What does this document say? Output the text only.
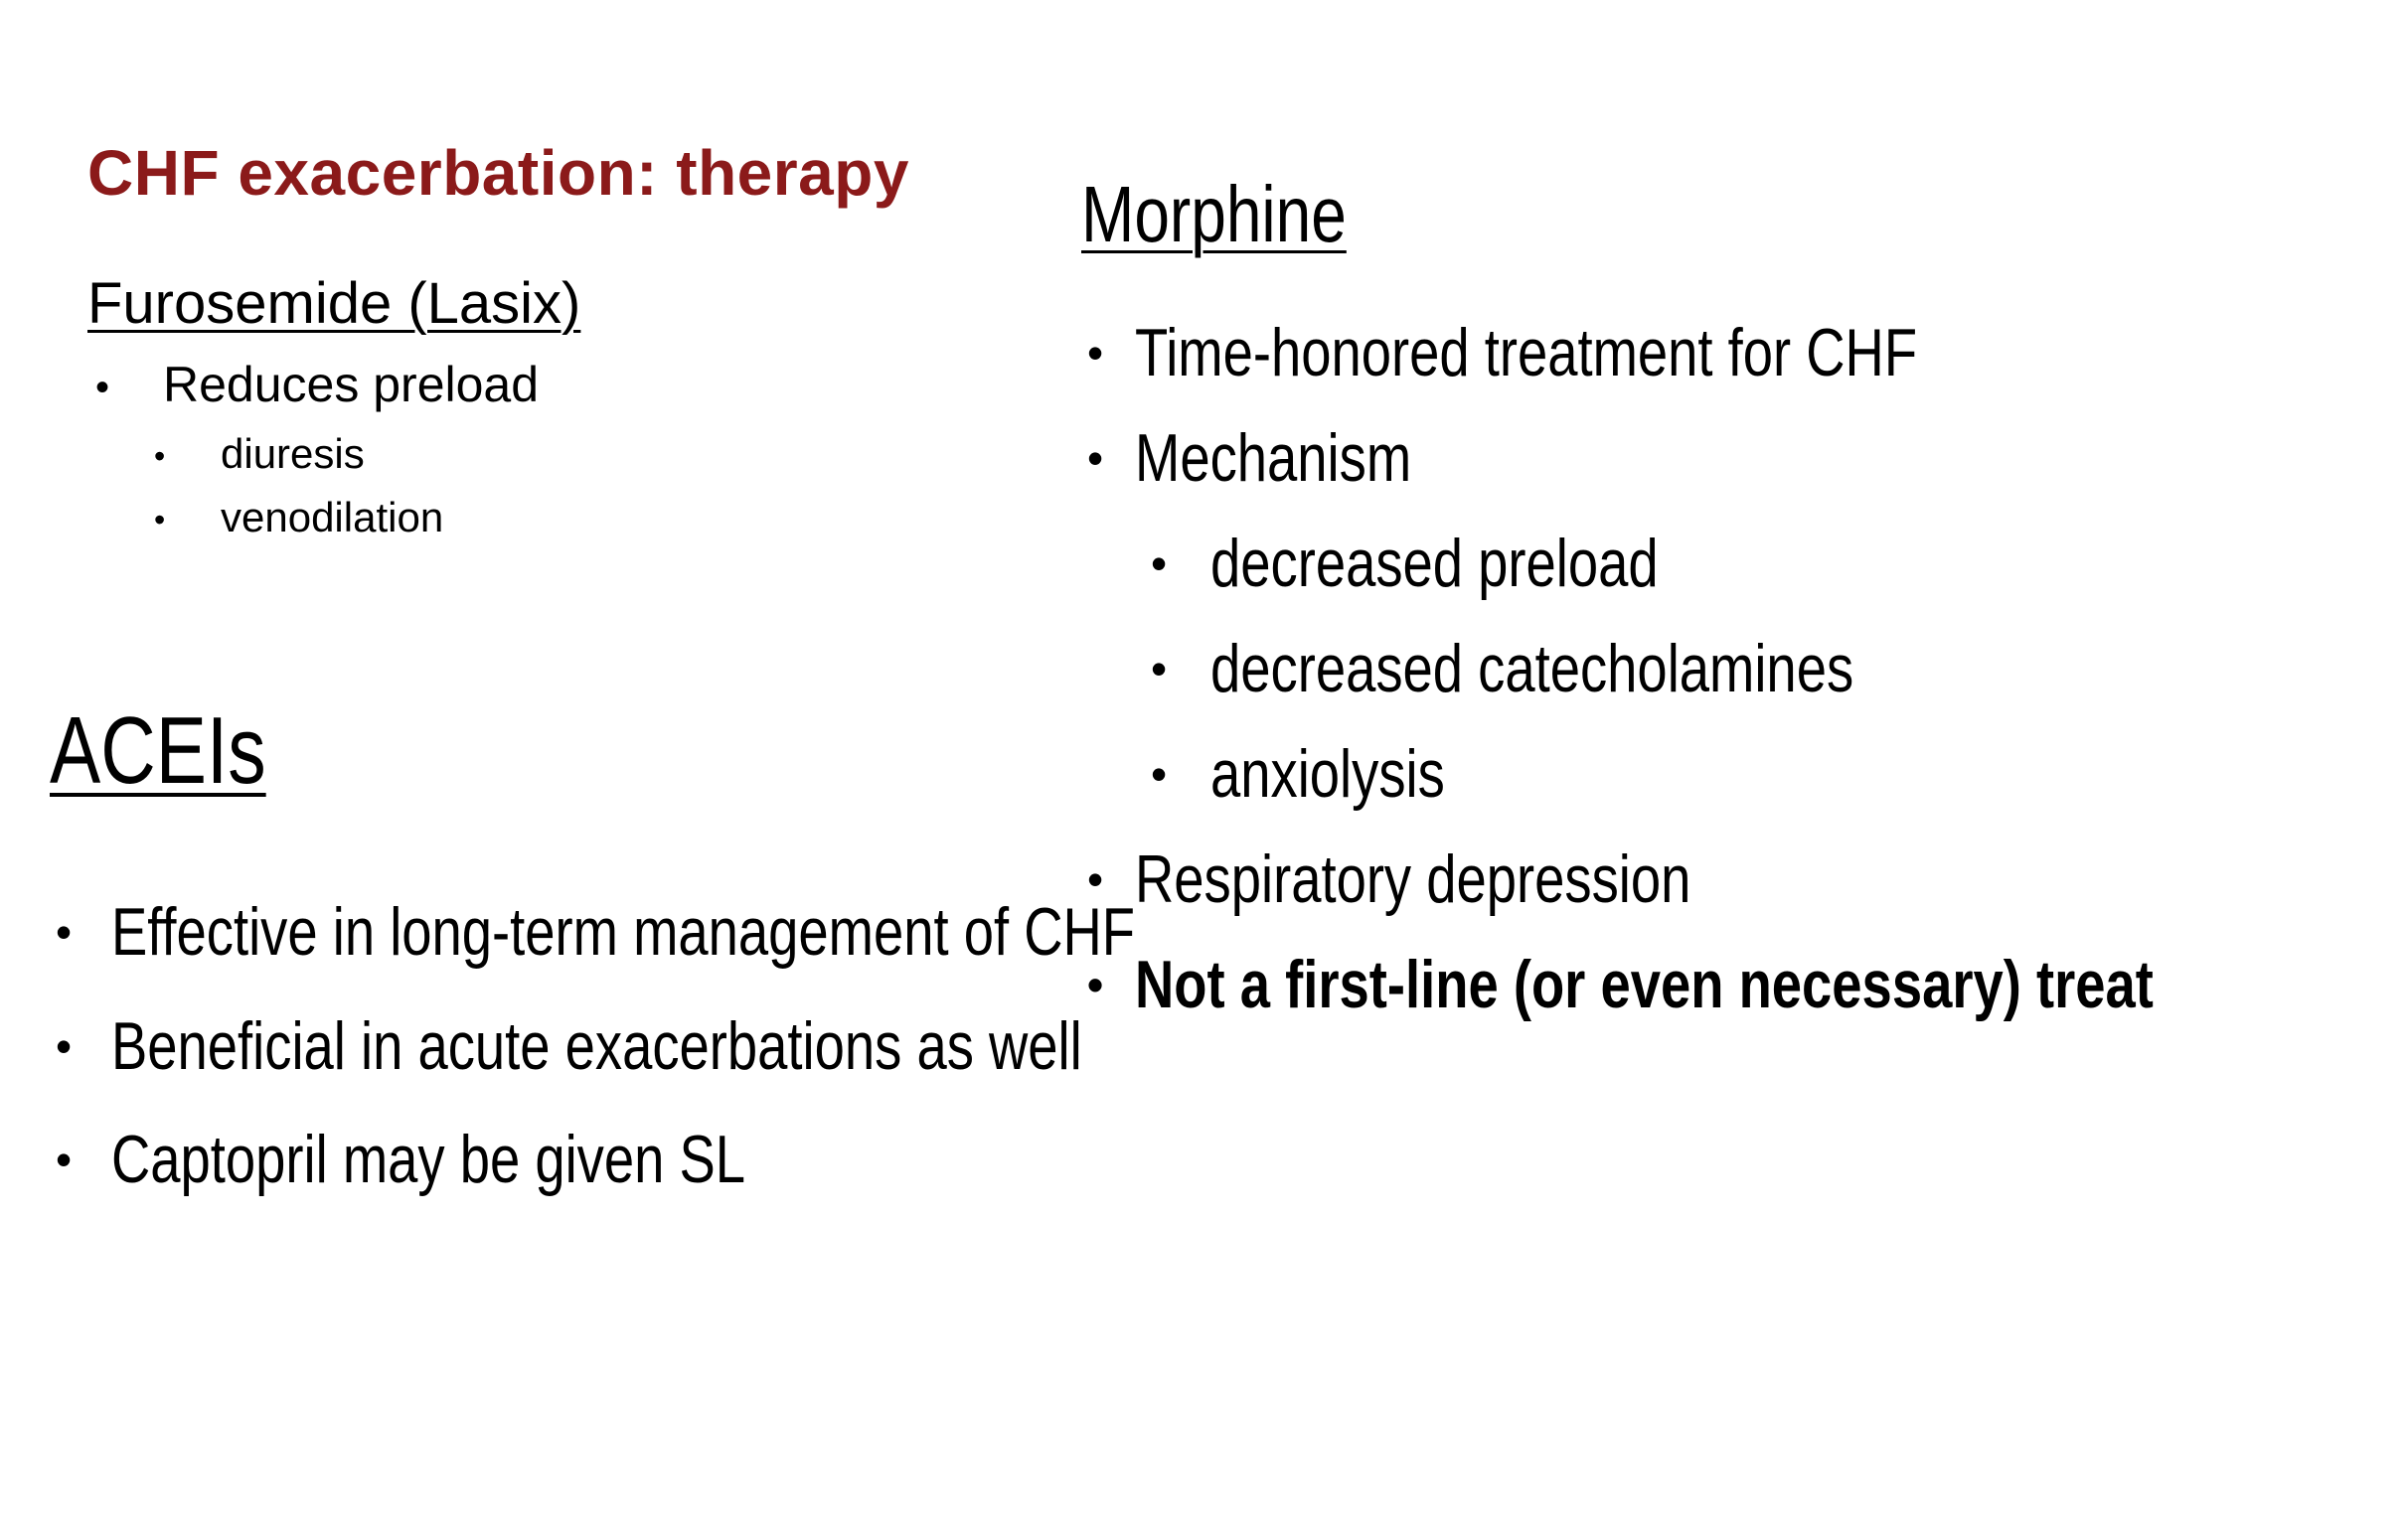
CHF exacerbation: therapy
Furosemide (Lasix)
• Reduces preload
• diuresis
• venodilation
ACEIs
• Effective in long-term management of CHF
• Beneficial in acute exacerbations as well
• Captopril may be given SL
Morphine
• Time-honored treatment for CHF
• Mechanism
• decreased preload
• decreased catecholamines
• anxiolysis
• Respiratory depression
• Not a first-line (or even necessary) treat
